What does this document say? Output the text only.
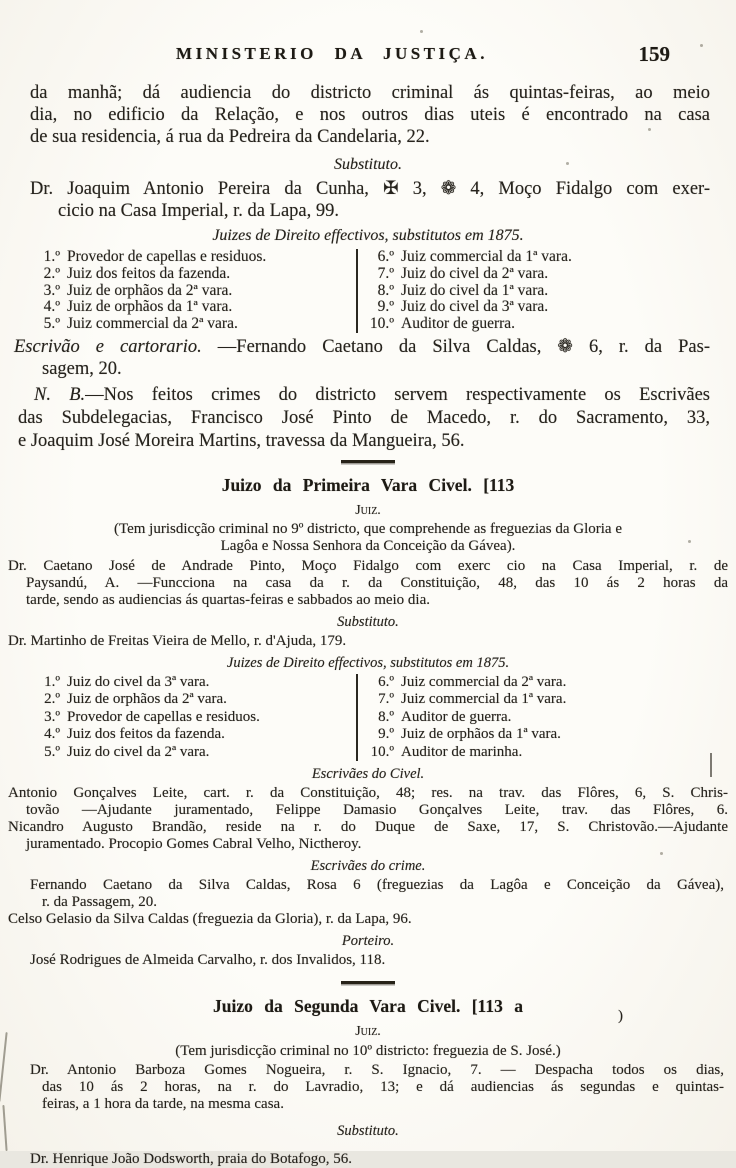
MINISTERIO DA JUSTIÇA.	159
da manhã; dá audiencia do districto criminal ás quintas-feiras, ao meio
dia, no edificio da Relação, e nos outros dias uteis é encontrado na casa
de sua residencia, á rua da Pedreira da Candelaria, 22.
Substituto.
Dr. Joaquim Antonio Pereira da Cunha, ✠ 3, ❁ 4, Moço Fidalgo com exer-
cicio na Casa Imperial, r. da Lapa, 99.
Juizes de Direito effectivos, substitutos em 1875.
1.º Provedor de capellas e residuos.
2.º Juiz dos feitos da fazenda.
3.º Juiz de orphãos da 2ª vara.
4.º Juiz de orphãos da 1ª vara.
5.º Juiz commercial da 2ª vara.
6.º Juiz commercial da 1ª vara.
7.º Juiz do civel da 2ª vara.
8.º Juiz do civel da 1ª vara.
9.º Juiz do civel da 3ª vara.
10.º Auditor de guerra.
Escrivão e cartorario. —Fernando Caetano da Silva Caldas, ❁ 6, r. da Pas-
sagem, 20.
N. B.—Nos feitos crimes do districto servem respectivamente os Escrivães
das Subdelegacias, Francisco José Pinto de Macedo, r. do Sacramento, 33,
e Joaquim José Moreira Martins, travessa da Mangueira, 56.
Juizo da Primeira Vara Civel. [113
Juiz.
(Tem jurisdicção criminal no 9º districto, que comprehende as freguezias da Gloria e
Lagôa e Nossa Senhora da Conceição da Gávea).
Dr. Caetano José de Andrade Pinto, Moço Fidalgo com exerc cio na Casa Imperial, r. de
Paysandú, A. —Funcciona na casa da r. da Constituição, 48, das 10 ás 2 horas da
tarde, sendo as audiencias ás quartas-feiras e sabbados ao meio dia.
Substituto.
Dr. Martinho de Freitas Vieira de Mello, r. d'Ajuda, 179.
Juizes de Direito effectivos, substitutos em 1875.
1.º Juiz do civel da 3ª vara.
2.º Juiz de orphãos da 2ª vara.
3.º Provedor de capellas e residuos.
4.º Juiz dos feitos da fazenda.
5.º Juiz do civel da 2ª vara.
6.º Juiz commercial da 2ª vara.
7.º Juiz commercial da 1ª vara.
8.º Auditor de guerra.
9.º Juiz de orphãos da 1ª vara.
10.º Auditor de marinha.
Escrivães do Civel.
Antonio Gonçalves Leite, cart. r. da Constituição, 48; res. na trav. das Flôres, 6, S. Chris-
tovão —Ajudante juramentado, Felippe Damasio Gonçalves Leite, trav. das Flôres, 6.
Nicandro Augusto Brandão, reside na r. do Duque de Saxe, 17, S. Christovão.—Ajudante
juramentado. Procopio Gomes Cabral Velho, Nictheroy.
Escrivães do crime.
Fernando Caetano da Silva Caldas, Rosa 6 (freguezias da Lagôa e Conceição da Gávea),
r. da Passagem, 20.
Celso Gelasio da Silva Caldas (freguezia da Gloria), r. da Lapa, 96.
Porteiro.
José Rodrigues de Almeida Carvalho, r. dos Invalidos, 118.
Juizo da Segunda Vara Civel. [113 a
Juiz.
(Tem jurisdicção criminal no 10º districto: freguezia de S. José.)
Dr. Antonio Barboza Gomes Nogueira, r. S. Ignacio, 7. — Despacha todos os dias,
das 10 ás 2 horas, na r. do Lavradio, 13; e dá audiencias ás segundas e quintas-
feiras, a 1 hora da tarde, na mesma casa.
Substituto.
Dr. Henrique João Dodsworth, praia do Botafogo, 56.
)
